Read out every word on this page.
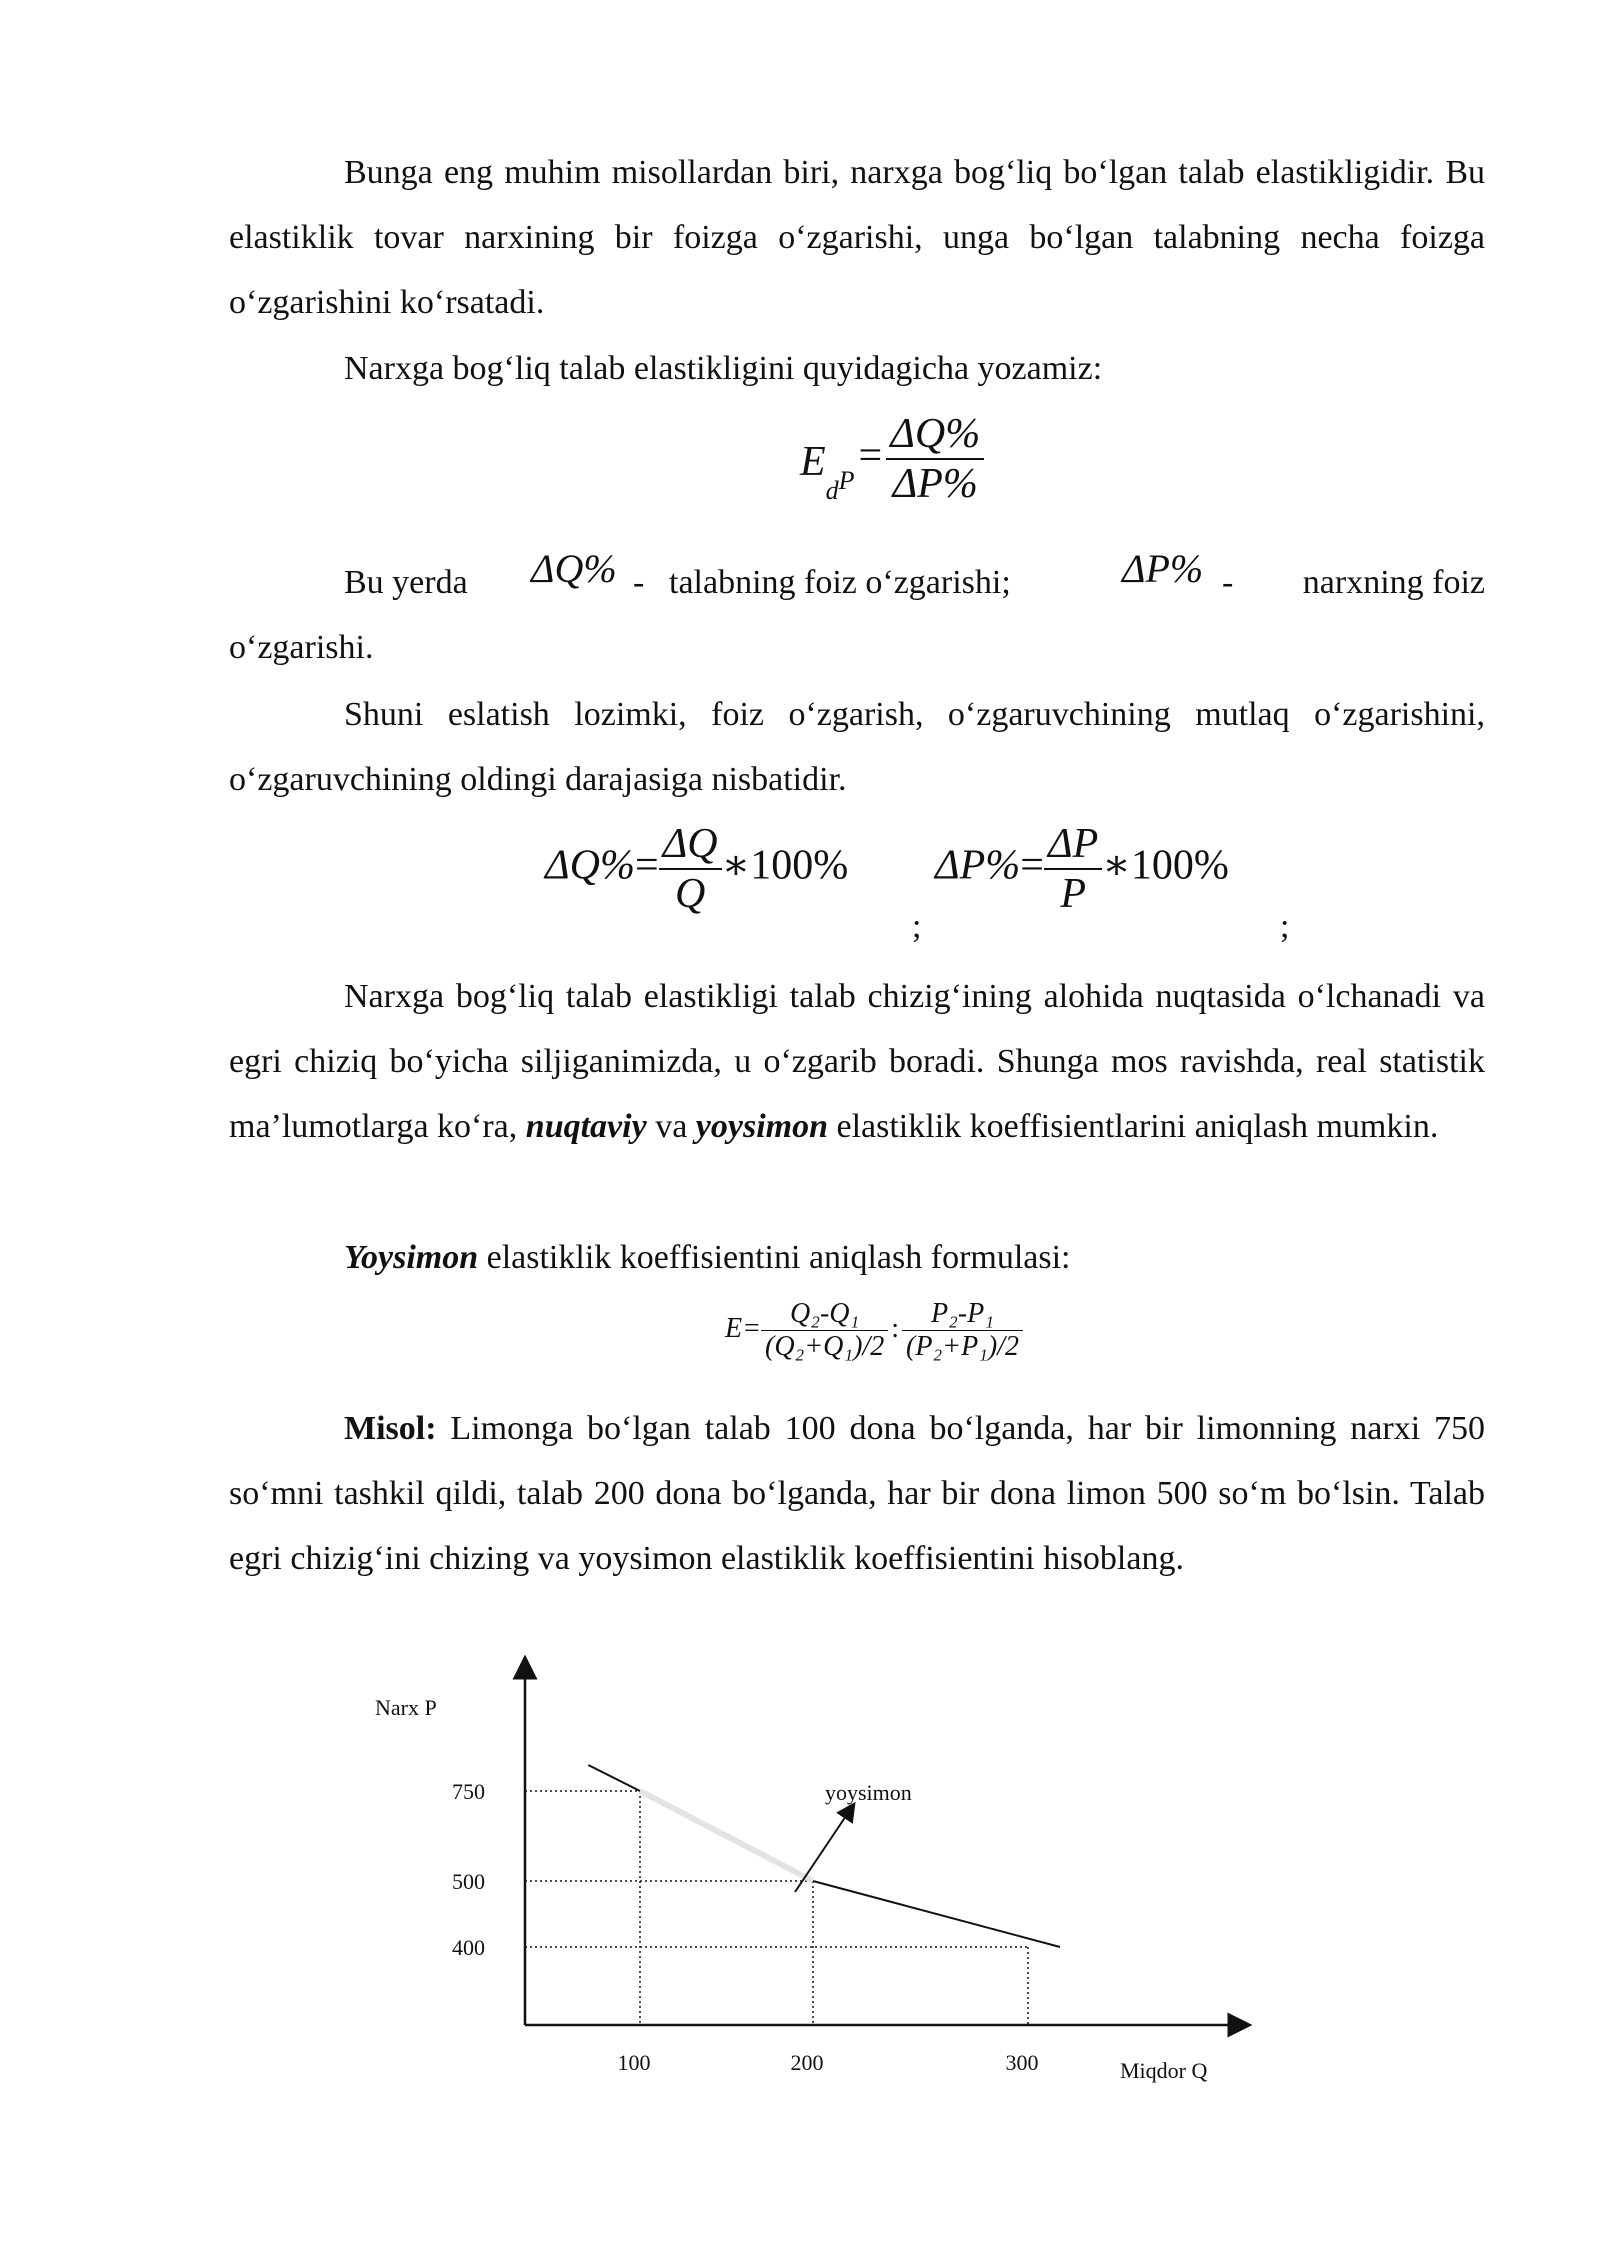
Bunga eng muhim misollardan biri, narxga bog‘liq bo‘lgan talab elastikligidir. Bu elastiklik tovar narxining bir foizga o‘zgarishi, unga bo‘lgan talabning necha foizga o‘zgarishini ko‘rsatadi.

Narxga bog‘liq talab elastikligini quyidagicha yozamiz:

$E_{dP}= \frac{\Delta Q\%}{\Delta P\%}$
Bu yerda ΔQ% - talabning foiz o‘zgarishi;	ΔP% - narxning foiz
o‘zgarishi.

Shuni eslatish lozimki, foiz o‘zgarish, o‘zgaruvchining mutlaq o‘zgarishini, o‘zgaruvchining oldingi darajasiga nisbatidir.

$\Delta Q\%= \frac{\Delta Q}{Q}$ ∗100%
;
$\Delta P\%= \frac{\Delta P}{P}$ ∗100%
;

Narxga bog‘liq talab elastikligi talab chizig‘ining alohida nuqtasida o‘lchanadi va egri chiziq bo‘yicha siljiganimizda, u o‘zgarib boradi. Shunga mos ravishda, real statistik ma’lumotlarga ko‘ra, nuqtaviy va yoysimon elastiklik koeffisientlarini aniqlash mumkin.

Yoysimon elastiklik koeffisientini aniqlash formulasi:

$E= \frac{\text{Q₂-Q₁}}{\text{(Q₂+Q₁)/2}}$ : $\frac{\text{P₂-P₁}}{\text{(P₂+P₁)/2}}$

Misol: Limonga bo‘lgan talab 100 dona bo‘lganda, har bir limonning narxi 750 so‘mni tashkil qildi, talab 200 dona bo‘lganda, har bir dona limon 500 so‘m bo‘lsin. Talab egri chizig‘ini chizing va yoysimon elastiklik koeffisientini hisoblang.

Narx P
Miqdor Q
750
500
400
100	200	300
yoysimon
